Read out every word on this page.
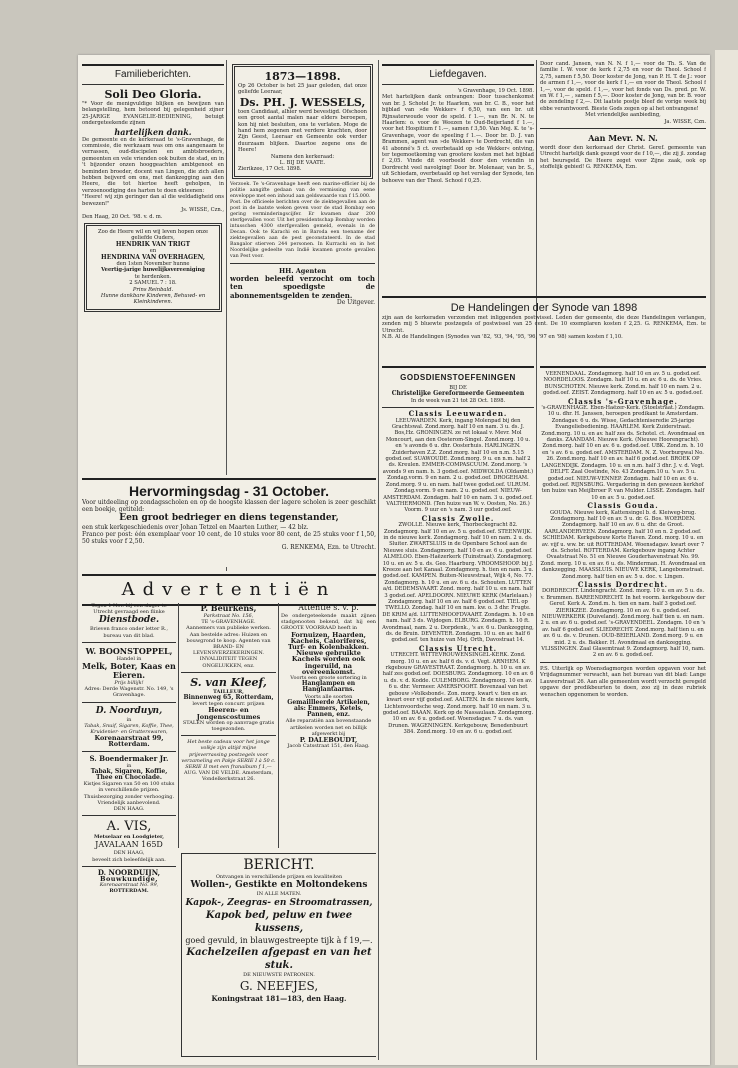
Familieberichten.
Soli Deo Gloria.
"* Voor de menigvuldige blijken en bewijzen van belangstelling, hem betoond bij gelegenheid zijner 25-JARIGE EVANGELIE-BEDIENING, betuigt ondergeteekende zijnen
hartelijken dank.
De gemeente en de kerkeraad te 's-Gravenhage, de commissie, die werkzaam was om ons aangenaam te verrassen, oud-discipelen en ambtsbroeders, gemeenten en vele vrienden ook buiten de stad, en in 't bijzonder onzen hooggeachten ambtgenoot en beminden broeder, docent van Lingen, die zich allen hebben beijverd om ons, met dankzegging aan den Heere, die tot hiertoe heeft geholpen, in verzoenoodiging des harten te doen ekteenen:
"Heere! wij zijn geringer dan al die weldadigheid ons bewezen!"
Js. WISSE, Czn.,
Den Haag, 20 Oct. '98. v. d. m.
Zoo de Heere wil en wij leven hopen onze geliefde Ouders,
HENDRIK VAN TRIGT
en
HENDRINA VAN OVERHAGEN,
den 1sten November hunne
Veertig-jarige huwelijksvereeniging
te herdenken.
2 SAMUEL 7 : 18.
Prins Reinbald.
Hunne dankbare Kinderen, Behuwd- en Kleinkinderen.
1873—1898.
Op 26 October is het 25 jaar geleden, dat onze geliefde Leeraar,
Ds. PH. J. WESSELS,
toen Candidaat, alhier werd bevestigd. Ofschoon een groot aantal malen naar elders beroepen, kon hij niet besluiten, ons te verlaten. Moge de hand hem zegenen met verdere krachten, door Zijn Geest, Leeraar en Gemeente ook verder duurzaam blijken. Daartoe zegene ons de Heere!
Namens den kerkeraad:
L. BIJ DE VAATE.
Zierikzee, 17 Oct. 1898.
Verzoek. Te 's-Gravenhage heeft een marine-officier bij de politie aangifte gedaan van de vermissing van eene enveloppe met een inhoud aan geldswaarde van f 15.000.
Post. De officieele berichten over de ziektegevallen aan de post in de laatste weken geven voor de stad Bombay een gering verminderingscijfer. Er kwamen daar 200 sterfgevallen voor. Uit het presidentschap Bombay worden intusschen 4300 sterfgevallen gemeld, evenals in de Decan. Ook te Karachi en in Baroda een toename der ziektegevallen aan de pest geconstateerd. In de stad Bangalor stierven 244 personen. In Kurrachi en in het Noordelijke gedeelte van Indië kwamen groote gevallen van Pest voor.
HH. Agenten
worden beleefd verzocht om toch ten spoedigste de abonnementsgelden te zenden.
De Uitgever.
Liefdegaven.
's Gravenhage, 19 Oct. 1898.
Met hartelijken dank ontvangen: Door tusschenkomst van br. J. Schotel Jr. te Haarlem, van br. C. B., voor het bijblad van »de Wekker« f 6,50, van een br. uit Rijnsaterwoude voor de speld. f 1.—, van Br. N. N. te Haarlem: o. voor de Weezen te Oud-Beijerland f 1.—, voor het Hospitium f 1.—, samen f 3,50. Van Mej. K. te 's-Gravenhage, voor de speeling f 1.—. Door br. D. J. van Brammen, agent van »de Wekker« te Dordrecht, die van 41 abonné's 5 ct. overbetaald op »de Wekker« ontving, ter tegemoetkoming van grootere kosten met het bijblad f 2,05. Vinde dit voorbeeld door den vriendin in Dordrecht veel navolging! Door br. Molenaar, van br. S., uit Schiedam, overbetaald op het verslag der Synode, ten behoeve van der Theol. School f 0,25.
Door cand. Jansen, van N. N. f 1,— voor de Th. S. Van de familie I. W. voor de kerk f 2,75 en voor de Theol. School f 2,75, samen f 5,50. Door koster de Jong, van P. H. T. de J.: voor de armen f 1,—, voor de kerk f 1,— en voor de Theol. School f 1,—, voor de speld. f 1,—, voor het fonds van Ds. pred. pr. W. en W. f 1,— , samen f 5,—. Door koster de Jong, van br. B. voor de zendeling f 2,—. Dit laatste postje bleef de vorige week bij ebbe verantwoord. Bieste Gods zegen op al het ontvangene!
Met vriendelijke aanbieding,
Ja. WISSE, Czn.
Aan Mevr. N. N.
wordt door den kerkeraad der Christ. Geref. gemeente van Utrecht hartelijk dank gezegd voor de f 10,—, die zij jl. zondag het beursgeld. De Heere zeget voor Zijne zaak, ook op stoffelijk gebied! G. RENKEMA, Ezn.
De Handelingen der Synode van 1898
zijn aan de kerkeraden verzonden met inliggenden postwissel. Leden der gemeente, die deze Handelingen verlangen, zenden mij 5 bluewte postzegels of postwissel van 25 cent. De 10 exemplaren kosten f 2,25. G. RENKEMA, Ezn. te Utrecht.
N.B. Al de Handelingen (Synodes van '82, '93, '94, '95, '96, '97 en '98) samen kosten f 1,10.
GODSDIENSTOEFENINGEN
BIJ DE
Christelijke Gereformeerde Gemeenten
In de week van 21 tot 28 Oct. 1898.
Classis Leeuwarden.
LEEUWARDEN. Kerk, ingang Molenpad bij den Grachtswal. Zond.morg. half 10 en nam. 3 u. ds. J. Bos,Hz. GRONINGEN. ze ret lokaal v. Mevr. Mol Moncourt, aan den Oosterom-Singel. Zond.morg. 10 u. en 's avonds 6 u. dhr. Oosterhuis. HARLINGEN. Zuiderhaven Z.Z. Zond.morg. half 10 en n.m. 5.15 godsd.oef. SUAWOUDE. Zond.morg. 9 u. en n.m. half 2 ds. Kreulen. EMMER-COMPASCUUM. Zond.morg. 's avonds 9 en nam. h. 3 godsd.oef. MIDWOLDA (Oldambt.) Zondag.vorm. 9 en nam. 2 u. godsd.oef. DROGEHAM. Zond.morg. 9 u. en nam. half twee godsd.oef. ULRUM. Zondag.vorm. 9 en nam. 2 u. godsd.oef. NIEUW-AMSTERDAM. Zondagm. half 10 en nam. 3 u. godsd.oef. VALTHERMOND. (Ten huize van W. v. Oosten, No. 26.) Voorm. 9 uur en 's nam. 3 uur godsd.oef.
Classis Zwolle.
ZWOLLE. Nieuwe kerk, Thorbeckegracht 82. Zondagmorg. half 10 en av. 5 u. godsd.oef. STEENWIJK. in de nieuwe kerk. Zondagmorg. half 10 en nam. 2 u. ds. Sluiter. ZWARTSLUIS in de Openbare School aan de Nieuwe sluis. Zondagmorg. half 10 en av. 6 u. godsd.oef. ALMELOO. Eben-Haëzerkerk (Tuinstraat). Zondagmorg. 10 u. en av. 5 u. ds. Geo. Haarburg. VROOMSHOOP. bij J. Kreeze aan het Kanaal. Zondagmorg. h. tien en nam. 3 u. godsd.oef. KAMPEN. Buiten-Nieuwstraat, Wijk 4, No. 77. Zondagmorg. h. 10 u. en av. 6 u. ds. Schouten. LUTTEN a/d. DEDEMSVAART. Zond. morg. half 10 u. en nam. half 3 godsd.oef. APELDOORN. NIEUWE KERK (Marlelaan.) Zondagmorg. half 10 en av. half 6 godsd.oef. TIEL op TWELLO. Zondag. half 10 en nam. kw. o. 3 dhr. Frugte. DE KRIM a/d. LUTTENHOOFDVAART. Zondagm. h. 10 en nam. half 3 ds. Wijdogen. ELBURG. Zondagm. h. 10 ft. Avondmaal, nam. 2 u. Dorpdenk., 's av. 6 u. Dankzegging, ds. de Bruin. DEVENTER. Zondagm. 10 u. en av. half 6 godsd.oef. ten huize van Mej. Orth, Davostraat 14.
Classis Utrecht.
UTRECHT. WITTEVROUWENSINGEL-KERK. Zond. morg. 10 u. en av. half 6 ds. v. d. Vegt. ARNHEM. K rkgebouw GRAVESTRAAT. Zondagmorg. h. 10 u. en av. half zes godsd.oef. DOESBURG. Zondagmorg. 10 en av. 6 u. ds. v. d. Kodde. CULEMBORG. Zondagmorg. 10 en av. 6 u. dhr. Vermeer. AMERSFOORT. Bovenzaal van het gebouw »Volksbond«. Zon. morg. kwart v. tien en av. kwart over vijf godsd.oef. AALTEN. In de nieuwe kerk, Lichtenvoordsche weg. Zond.morg. half 10 en nam. 3 u. godsd.oef. BAAAN. Kerk op de Nassaulaan. Zondagmorg. 10 en av. 6 u. godsd.oef. Woensdagav. 7 u. ds. van Drunen. WAGENINGEN. Kerkgebouw, Benedenbuurt 384. Zond.morg. 10 en av. 6 u. godsd.oef.
VEENENDAAL. Zondagmorg. half 10 en av. 5 u. godsd.oef. NOORDELOOS. Zondagm. half 10 u. en av. 6 u. ds. de Vries. BUNSCHOTEN. Nieuwe kerk. Zond.m. half 10 en nam. 2 u. godsd.oef. ZEIST. Zondagmorg. half 10 en av. 5 u. godsd.oef.
Classis 's-Gravenhage.
's-GRAVENHAGE. Eben-Haëzer-Kerk. (Stoelstraat.) Zondagm. 10 u. dhr. H. Janssen, heroepen predikant te Amsterdam. Zondagav. 6 u. ds. Wisse, Gedachteniseredie 25-jarige Evangeliebediening. HAARLEM. Kerk Zuiderstraat. Zond.morg. 10 u. en av. half zes ds. Schotel. ct. Avondmaal en danks. ZAANDAM. Nieuwe Kerk. (Nieuwe Hoorengracht). Zond.morg. half 10 en av. 6 u. godsd.oef. UBK. Zond.m. h. 10 en 's av. 6 u. godsd.oef. AMSTERDAM. N. Z. Voorburgwal No. 26. Zond.morg. half 10 en av. half 6 godsd.oef. BROEK OP LANGENDIJK. Zondagm. 10 u. en n.m. half 3 dhr. J. v. d. Vegt. DELFT. Zaal Oostinde, No. 43 Zondagm.10 u. 's av. 5 u. godsd.oef. NIEUW-VENNEP. Zondagm. half 10 en av. 6 u. godsd.oef. RIJNSBURG. Vergadering in den gewezen kerkhof ten huize van Meijlbroer P. van Mulder. LISSE. Zondagm. half 10 en av. 5 u. godsd.oef.
Classis Gouda.
GOUDA. Nieuwe kerk, Kattensingel b. d. Kleiweg-brug. Zondagmorg. half 10 en av. 5 u. dr. G. Bos. WOERDEN. Zondagmorg. half 10 en av. 6 u. dhr. de Groot. AARLANDERVEEN. Zondagmorg. half 10 en n. 2 godsd.oef. SCHIEDAM. Kerkgebouw Korte Haven. Zond. morg. 10 u. en av. vijf u. ww. br. uit ROTTERDAM. Woensdagav. kwart over 7 ds. Schotel. ROTTERDAM. Kerkgebouw ingang Achter Ovaatstraat No. 51 en Nieuwe Gouderhavenstraat No. 99. Zond. morg. 10 u. en av. 6 u. ds. Minderman. H. Avondmaal en dankzegging. MAASSLUIS. NIEUWE KERK, Langebomstraat. Zond.morg. half tien en av. 5 u. doc. v. Lingen.
Classis Dordrecht.
DORDRECHT. Lindengracht. Zond. morg. 10 u. en av. 5 u. ds. v. Brummen. BAREENDRECHT. In het voorm. kerkgebouw der Geref. Kerk A. Zond.m. h. tien en nam. half 3 godsd.oef. ZIERIKZEE. Zondagmorg. 10 en av. 6 u. godsd.oef. NIEUWERKERK (Duiveland). Zond.morg. half tien u. en nam. 2 u. en av. 6 u. godsd.oef. 's-GRAVENDEEL. Zondagm. 10 en 's av. half 6 godsd.oef. SLIEDRECHT. Zond.morg. half tien u. en av. 6 u. ds. v. Drunen. OUD-BEIERLAND. Zond.morg. 9 u. en mid. 2 u. ds. Bakker. H. Avondmaal en dankzegging. VLISSINGEN. Zaal Glasemtraat 9. Zondagmorg. half 10, nam. 2 en av. 6 u. godsd.oef.
P.S. Uiterlijk op Woensdagmorgen worden opgaven voor het Vrijdagnummer verwacht, aan het bureau van dit blad: Lange Lauwerstraat 26. Aan alle gemeenten wordt verzocht geregeld opgave der predikbeurten te doen, zoo zij in deze rubriek wenschen opgenomen te worden.
Hervormingsdag - 31 October.
Voor uitdeeling op zondagsscholen en op de hoogste klassen der lagere scholen is zeer geschikt een boekje, getiteld:
Een groot bedrieger en diens tegenstander,
een stuk kerkgeschiedenis over Johan Tetzel en Maarten Luther, — 42 blz.
Franco per post: één exemplaar voor 10 cent, de 10 stuks voor 80 cent, de 25 stuks voor f 1,50, 50 stuks voor f 2,50.
G. RENKEMA, Ezn. te Utrecht.
Advertentiën
Tegen 1 Nov. bij een slager te Utrecht gevraagd een flinke
Dienstbode.
Brieven franco onder letter R., bureau van dit blad.
W. BOONSTOPPEL,
Handel in
Melk, Boter, Kaas en Eieren.
Prijs billijk!
Adres: Derde Wagenstr. No. 149, 's Gravenhage.
D. Noorduyn,
in
Tabak, Snuif, Sigaren, Koffie, Thee,
Kruidenier- en Grutterswaren,
Korenaarstraat 99, Rotterdam.
S. Boendermaker Jr.
in
Tabak, Sigaren, Koffie, Thee en Chocolade.
Kistjes Sigaren van 50 en 100 stuks in verschillende prijzen. Thuisbezorging zonder verhooging. Vriendelijk aanbevolend.
DEN HAAG.
A. VIS,
Metselaar en Loodgieter,
JAVALAAN 165D
DEN HAAG,
beveelt zich beleefdelijk aan.
D. NOORDUIJN,
Bouwkundige,
Korenaarstraat No. 99,
ROTTERDAM.
P. Beurkens,
Parkstraat No. 156,
TE 's-GRAVENHAGE.
Aannemers van publieke werken. Aan bestelde adres: Huizen en bouwgrond te koop. Agenten van BRAND- EN LEVENSVERZEKERINGEN. INVALIDITEIT TEGEN ONGELUKKEN, enz.
S. van Kleef,
TAILLEUR,
Binnenweg 65, Rotterdam,
levert tegen concurr. prijzen
Heeren- en Jongenscostumes
STALEN worden op aanvrage gratis toegezonden.
Het beste cadeau voor het jonge volkje zijn altijd mijne prijsverrassing postzegels voor verzameling en Pakje SERIE I à 50 c. SERIE II met een franaibum f 1,—
AUG. VAN DE VELDE. Amsterdam, Vondelkerkstraat 26.
Attentie s. v. p.
De ondergeteekende maakt zijnen stadgenooten bekend, dat hij een GROOTE VOORRAAD heeft in
Fornuizen, Haarden, Kachels, Caloriferes,
Turf- en Kolenbakken.
Nieuwe gebruikte Kachels worden ook ingeruild, na overeenkomst.
Voorts een groote sortering in
Hanglampen en Hanglantaarns.
Voorts alle soorten
Gemaillleerde Artikelen,
als: Emmers, Ketels, Pannen, enz.
Alle reparatiën aan bovenstaande artikelen worden net en billijk afgewerkt bij
P. DALEBOUDT,
Jacob Catsstraat 151, den Haag.
BERICHT.
Ontvangen in verschillende prijzen en kwaliteiten
Wollen-, Gestikte en Moltondekens
IN ALLE MATEN.
Kapok-, Zeegras- en Stroomatrassen,
Kapok bed, peluw en twee kussens,
goed gevuld, in blauwgestreepte tijk à f 19,—.
Kachelzeilen afgepast en van het stuk.
DE NIEUWSTE PATRONEN.
G. NEEFJES,
Koningstraat 181—183, den Haag.
